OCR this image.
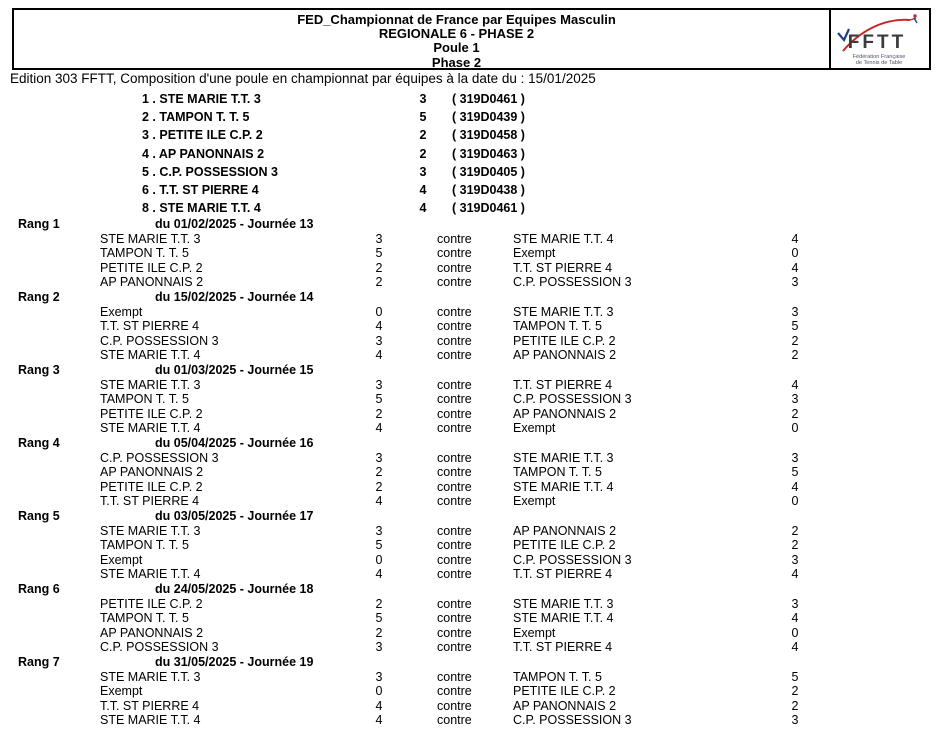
FED_Championnat de France par Equipes Masculin
REGIONALE 6 - PHASE 2
Poule 1
Phase 2
FFTT
Fédération Française
de Tennis de Table
Edition 303 FFTT, Composition d'une poule en championnat par équipes à la date du : 15/01/2025
1 . STE MARIE T.T. 3	3	( 319D0461 )
2 . TAMPON T. T. 5	5	( 319D0439 )
3 . PETITE ILE C.P. 2	2	( 319D0458 )
4 . AP PANONNAIS 2	2	( 319D0463 )
5 . C.P. POSSESSION 3	3	( 319D0405 )
6 . T.T. ST PIERRE 4	4	( 319D0438 )
8 . STE MARIE T.T. 4	4	( 319D0461 )
Rang 1	du 01/02/2025 - Journée 13
STE MARIE T.T. 3	3	contre	STE MARIE T.T. 4	4
TAMPON T. T. 5	5	contre	Exempt	0
PETITE ILE C.P. 2	2	contre	T.T. ST PIERRE 4	4
AP PANONNAIS 2	2	contre	C.P. POSSESSION 3	3
Rang 2	du 15/02/2025 - Journée 14
Exempt	0	contre	STE MARIE T.T. 3	3
T.T. ST PIERRE 4	4	contre	TAMPON T. T. 5	5
C.P. POSSESSION 3	3	contre	PETITE ILE C.P. 2	2
STE MARIE T.T. 4	4	contre	AP PANONNAIS 2	2
Rang 3	du 01/03/2025 - Journée 15
STE MARIE T.T. 3	3	contre	T.T. ST PIERRE 4	4
TAMPON T. T. 5	5	contre	C.P. POSSESSION 3	3
PETITE ILE C.P. 2	2	contre	AP PANONNAIS 2	2
STE MARIE T.T. 4	4	contre	Exempt	0
Rang 4	du 05/04/2025 - Journée 16
C.P. POSSESSION 3	3	contre	STE MARIE T.T. 3	3
AP PANONNAIS 2	2	contre	TAMPON T. T. 5	5
PETITE ILE C.P. 2	2	contre	STE MARIE T.T. 4	4
T.T. ST PIERRE 4	4	contre	Exempt	0
Rang 5	du 03/05/2025 - Journée 17
STE MARIE T.T. 3	3	contre	AP PANONNAIS 2	2
TAMPON T. T. 5	5	contre	PETITE ILE C.P. 2	2
Exempt	0	contre	C.P. POSSESSION 3	3
STE MARIE T.T. 4	4	contre	T.T. ST PIERRE 4	4
Rang 6	du 24/05/2025 - Journée 18
PETITE ILE C.P. 2	2	contre	STE MARIE T.T. 3	3
TAMPON T. T. 5	5	contre	STE MARIE T.T. 4	4
AP PANONNAIS 2	2	contre	Exempt	0
C.P. POSSESSION 3	3	contre	T.T. ST PIERRE 4	4
Rang 7	du 31/05/2025 - Journée 19
STE MARIE T.T. 3	3	contre	TAMPON T. T. 5	5
Exempt	0	contre	PETITE ILE C.P. 2	2
T.T. ST PIERRE 4	4	contre	AP PANONNAIS 2	2
STE MARIE T.T. 4	4	contre	C.P. POSSESSION 3	3
